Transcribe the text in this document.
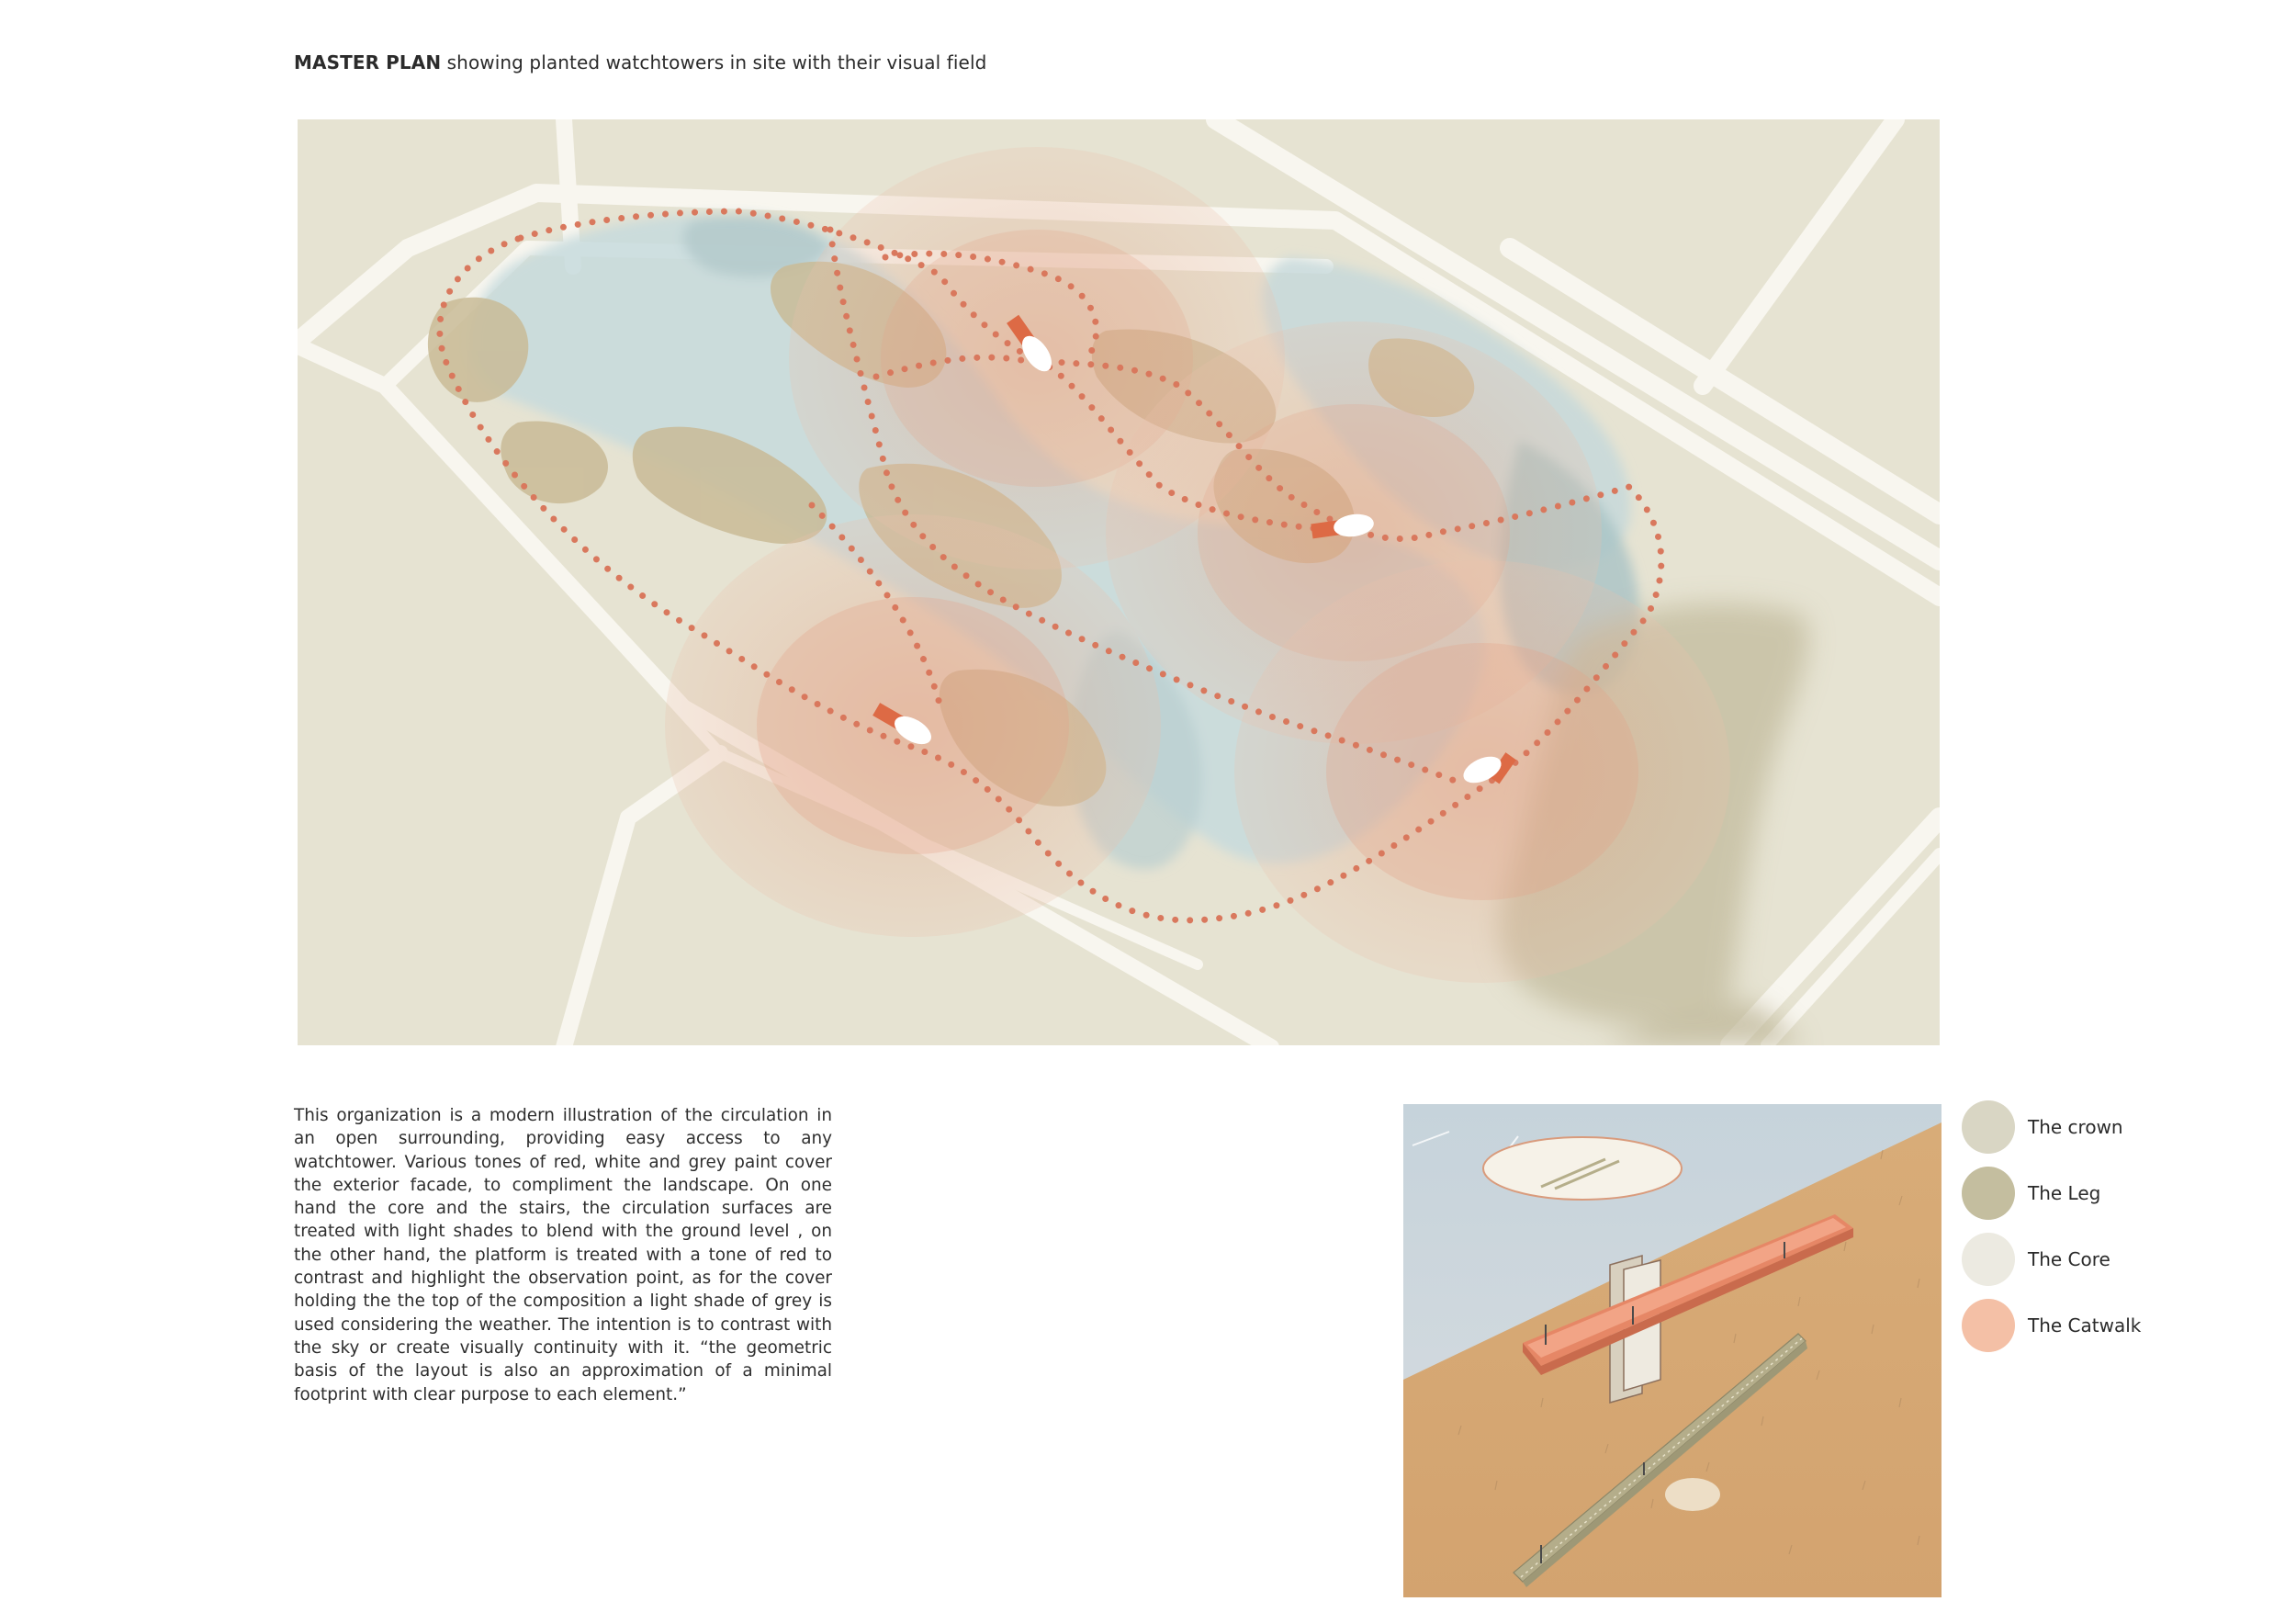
MASTER PLAN showing planted watchtowers in site with their visual field
This organization is a modern illustration of the circulation in an open surrounding, providing easy access to any watchtower. Various tones of red, white and grey paint cover the exterior facade, to compliment the landscape. On one hand the core and the stairs, the circulation surfaces are treated with light shades to blend with the ground level , on the other hand, the platform is treated with a tone of red to contrast and highlight the observation point, as for the cover holding the the top of the composition a light shade of grey is used considering the weather. The intention is to contrast with the sky or create visually continuity with it. “the geometric basis of the layout is also an approximation of a minimal footprint with clear purpose to each element.”
The crown
The Leg
The Core
The Catwalk
